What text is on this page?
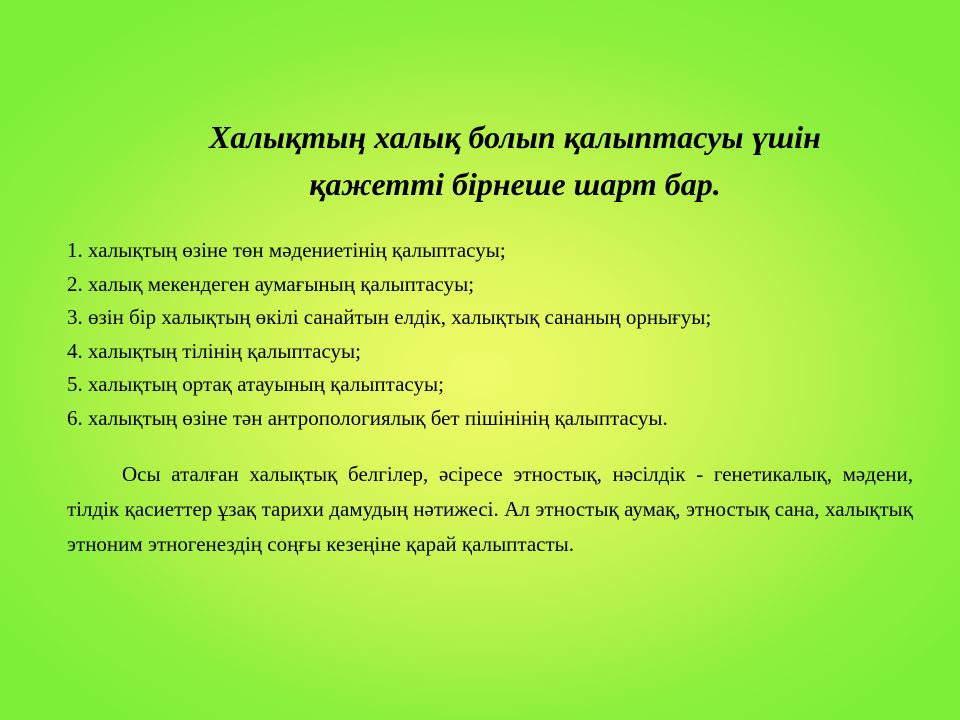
Халықтың халық болып қалыптасуы үшін
қажетті бірнеше шарт бар.
1. халықтың өзіне төн мәдениетінің қалыптасуы;
2. халық мекендеген аумағының қалыптасуы;
3. өзін бір халықтың өкілі санайтын елдік, халықтық сананың орнығуы;
4. халықтың тілінің қалыптасуы;
5. халықтың ортақ атауының қалыптасуы;
6. халықтың өзіне тән антропологиялық бет пішінінің қалыптасуы.

Осы аталған халықтық белгілер, әсіресе этностық, нәсілдік - генетикалық, мәдени, тілдік қасиеттер ұзақ тарихи дамудың нәтижесі. Ал этностық аумақ, этностық сана, халықтық этноним этногенездің соңғы кезеңіне қарай қалыптасты.
